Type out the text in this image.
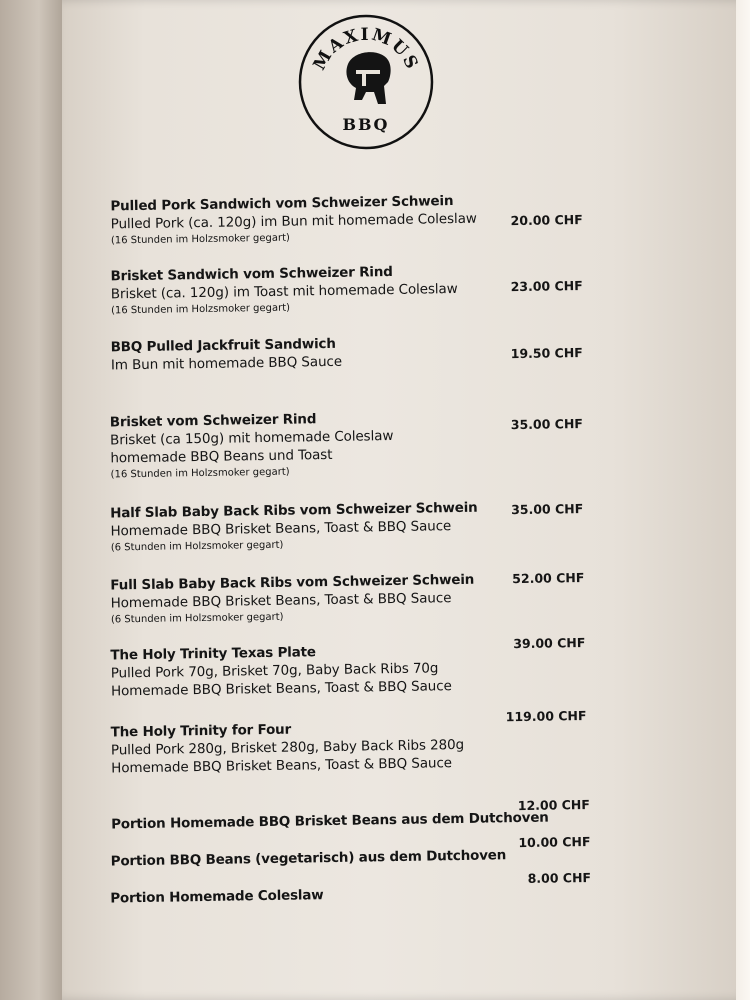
MAXIMUS
BBQ
Pulled Pork Sandwich vom Schweizer Schwein
Pulled Pork (ca. 120g) im Bun mit homemade Coleslaw
(16 Stunden im Holzsmoker gegart)
20.00 CHF
Brisket Sandwich vom Schweizer Rind
Brisket (ca. 120g) im Toast mit homemade Coleslaw
(16 Stunden im Holzsmoker gegart)
23.00 CHF
BBQ Pulled Jackfruit Sandwich
Im Bun mit homemade BBQ Sauce
19.50 CHF
Brisket vom Schweizer Rind
Brisket (ca 150g) mit homemade Coleslaw
homemade BBQ Beans und Toast
(16 Stunden im Holzsmoker gegart)
35.00 CHF
Half Slab Baby Back Ribs vom Schweizer Schwein
Homemade BBQ Brisket Beans, Toast & BBQ Sauce
(6 Stunden im Holzsmoker gegart)
35.00 CHF
Full Slab Baby Back Ribs vom Schweizer Schwein
Homemade BBQ Brisket Beans, Toast & BBQ Sauce
(6 Stunden im Holzsmoker gegart)
52.00 CHF
The Holy Trinity Texas Plate
Pulled Pork 70g, Brisket 70g, Baby Back Ribs 70g
Homemade BBQ Brisket Beans, Toast & BBQ Sauce
39.00 CHF
The Holy Trinity for Four
Pulled Pork 280g, Brisket 280g, Baby Back Ribs 280g
Homemade BBQ Brisket Beans, Toast & BBQ Sauce
119.00 CHF
Portion Homemade BBQ Brisket Beans aus dem Dutchoven
12.00 CHF
Portion BBQ Beans (vegetarisch) aus dem Dutchoven
10.00 CHF
Portion Homemade Coleslaw
8.00 CHF
